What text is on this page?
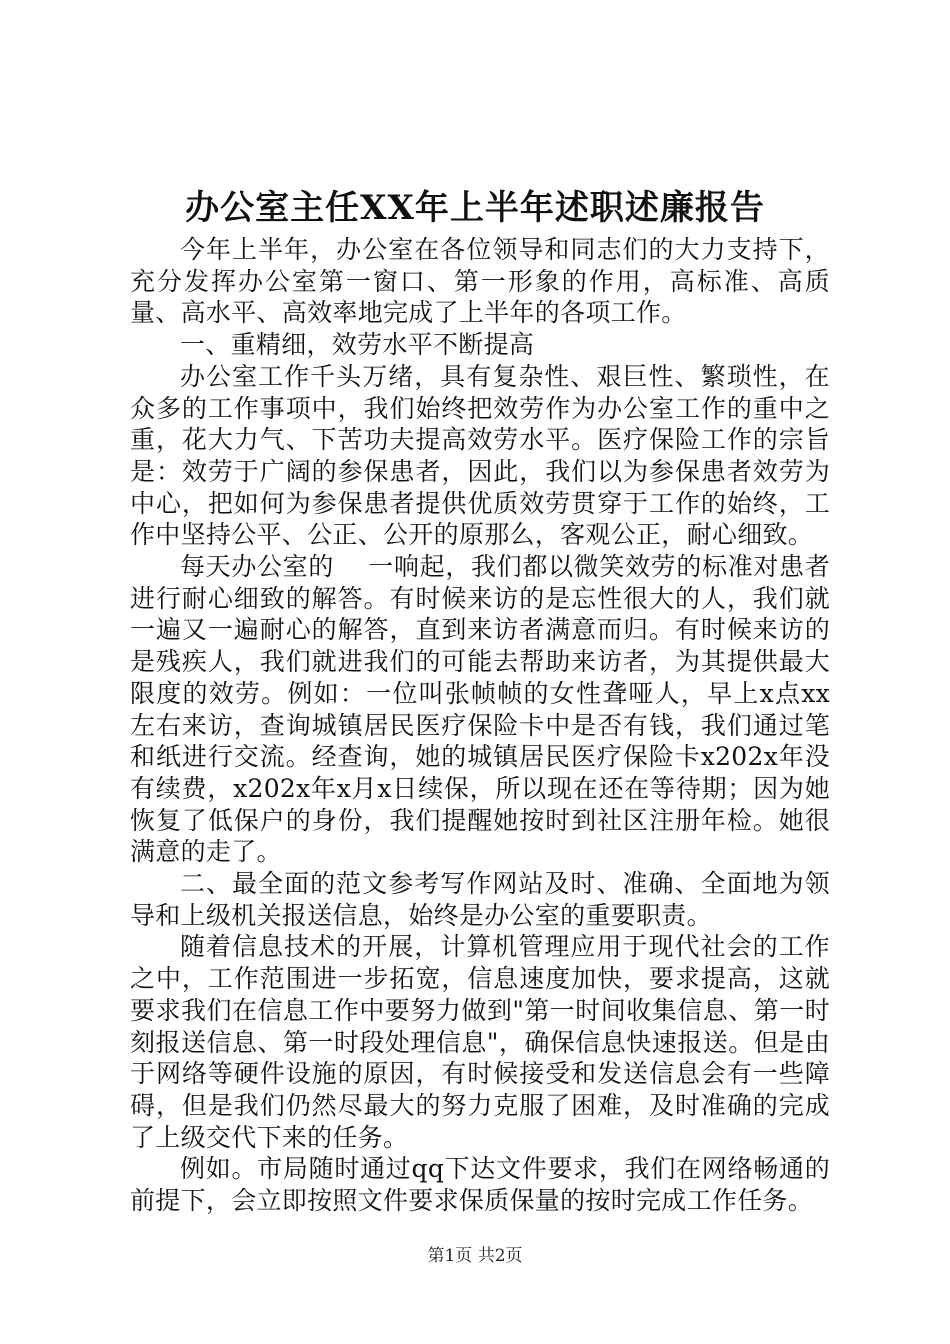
办公室主任XX年上半年述职述廉报告

今年上半年，办公室在各位领导和同志们的大力支持下，充分发挥办公室第一窗口、第一形象的作用，高标准、高质量、高水平、高效率地完成了上半年的各项工作。

一、重精细，效劳水平不断提高

办公室工作千头万绪，具有复杂性、艰巨性、繁琐性，在众多的工作事项中，我们始终把效劳作为办公室工作的重中之重，花大力气、下苦功夫提高效劳水平。医疗保险工作的宗旨是：效劳于广阔的参保患者，因此，我们以为参保患者效劳为中心，把如何为参保患者提供优质效劳贯穿于工作的始终，工作中坚持公平、公正、公开的原那么，客观公正，耐心细致。

每天办公室的　 一响起，我们都以微笑效劳的标准对患者进行耐心细致的解答。有时候来访的是忘性很大的人，我们就一遍又一遍耐心的解答，直到来访者满意而归。有时候来访的是残疾人，我们就进我们的可能去帮助来访者，为其提供最大限度的效劳。例如：一位叫张帧帧的女性聋哑人，早上x点xx左右来访，查询城镇居民医疗保险卡中是否有钱，我们通过笔和纸进行交流。经查询，她的城镇居民医疗保险卡x202x年没有续费，x202x年x月x日续保，所以现在还在等待期；因为她恢复了低保户的身份，我们提醒她按时到社区注册年检。她很满意的走了。

二、最全面的范文参考写作网站及时、准确、全面地为领导和上级机关报送信息，始终是办公室的重要职责。

随着信息技术的开展，计算机管理应用于现代社会的工作之中，工作范围进一步拓宽，信息速度加快，要求提高，这就要求我们在信息工作中要努力做到"第一时间收集信息、第一时刻报送信息、第一时段处理信息"，确保信息快速报送。但是由于网络等硬件设施的原因，有时候接受和发送信息会有一些障碍，但是我们仍然尽最大的努力克服了困难，及时准确的完成了上级交代下来的任务。

例如。市局随时通过qq下达文件要求，我们在网络畅通的前提下，会立即按照文件要求保质保量的按时完成工作任务。

第1页 共2页
